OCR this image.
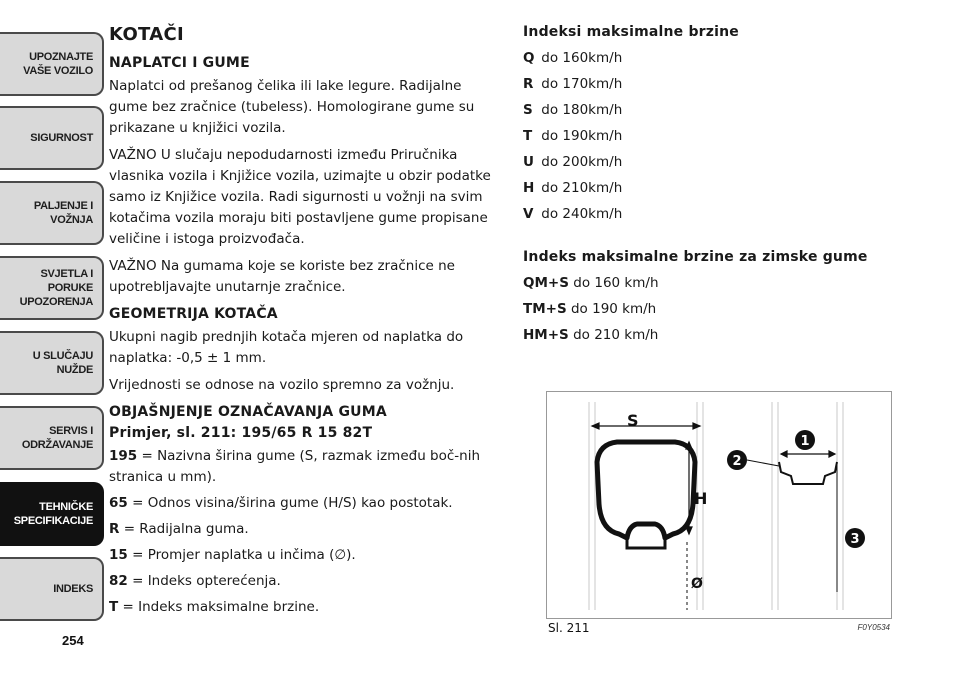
UPOZNAJTE
VAŠE VOZILO
SIGURNOST
PALJENJE I
VOŽNJA
SVJETLA I PORUKE
UPOZORENJA
U SLUČAJU
NUŽDE
SERVIS I
ODRŽAVANJE
TEHNIČKE
SPECIFIKACIJE
INDEKS
254
KOTAČI
NAPLATCI I GUME

Naplatci od prešanog čelika ili lake legure. Radijalne gume bez zračnice (tubeless). Homologirane gume su prikazane u knjižici vozila.

VAŽNO U slučaju nepodudarnosti između Priručnika vlasnika vozila i Knjižice vozila, uzimajte u obzir podatke samo iz Knjižice vozila. Radi sigurnosti u vožnji na svim kotačima vozila moraju biti postavljene gume propisane veličine i istoga proizvođača.

VAŽNO Na gumama koje se koriste bez zračnice ne upotrebljavajte unutarnje zračnice.

GEOMETRIJA KOTAČA

Ukupni nagib prednjih kotača mjeren od naplatka do naplatka: -0,5 ± 1 mm.

Vrijednosti se odnose na vozilo spremno za vožnju.

OBJAŠNJENJE OZNAČAVANJA GUMA
Primjer, sl. 211: 195/65 R 15 82T
195 = Nazivna širina gume (S, razmak između boč-nih stranica u mm).
65 = Odnos visina/širina gume (H/S) kao postotak.
R = Radijalna guma.
15 = Promjer naplatka u inčima (∅).
82 = Indeks opterećenja.
T = Indeks maksimalne brzine.
Indeksi maksimalne brzine
Q do 160km/h
R do 170km/h
S do 180km/h
T do 190km/h
U do 200km/h
H do 210km/h
V do 240km/h
Indeks maksimalne brzine za zimske gume
QM+S do 160 km/h
TM+S do 190 km/h
HM+S do 210 km/h
S
H
Ø
1
2
3
Sl. 211	F0Y0534
